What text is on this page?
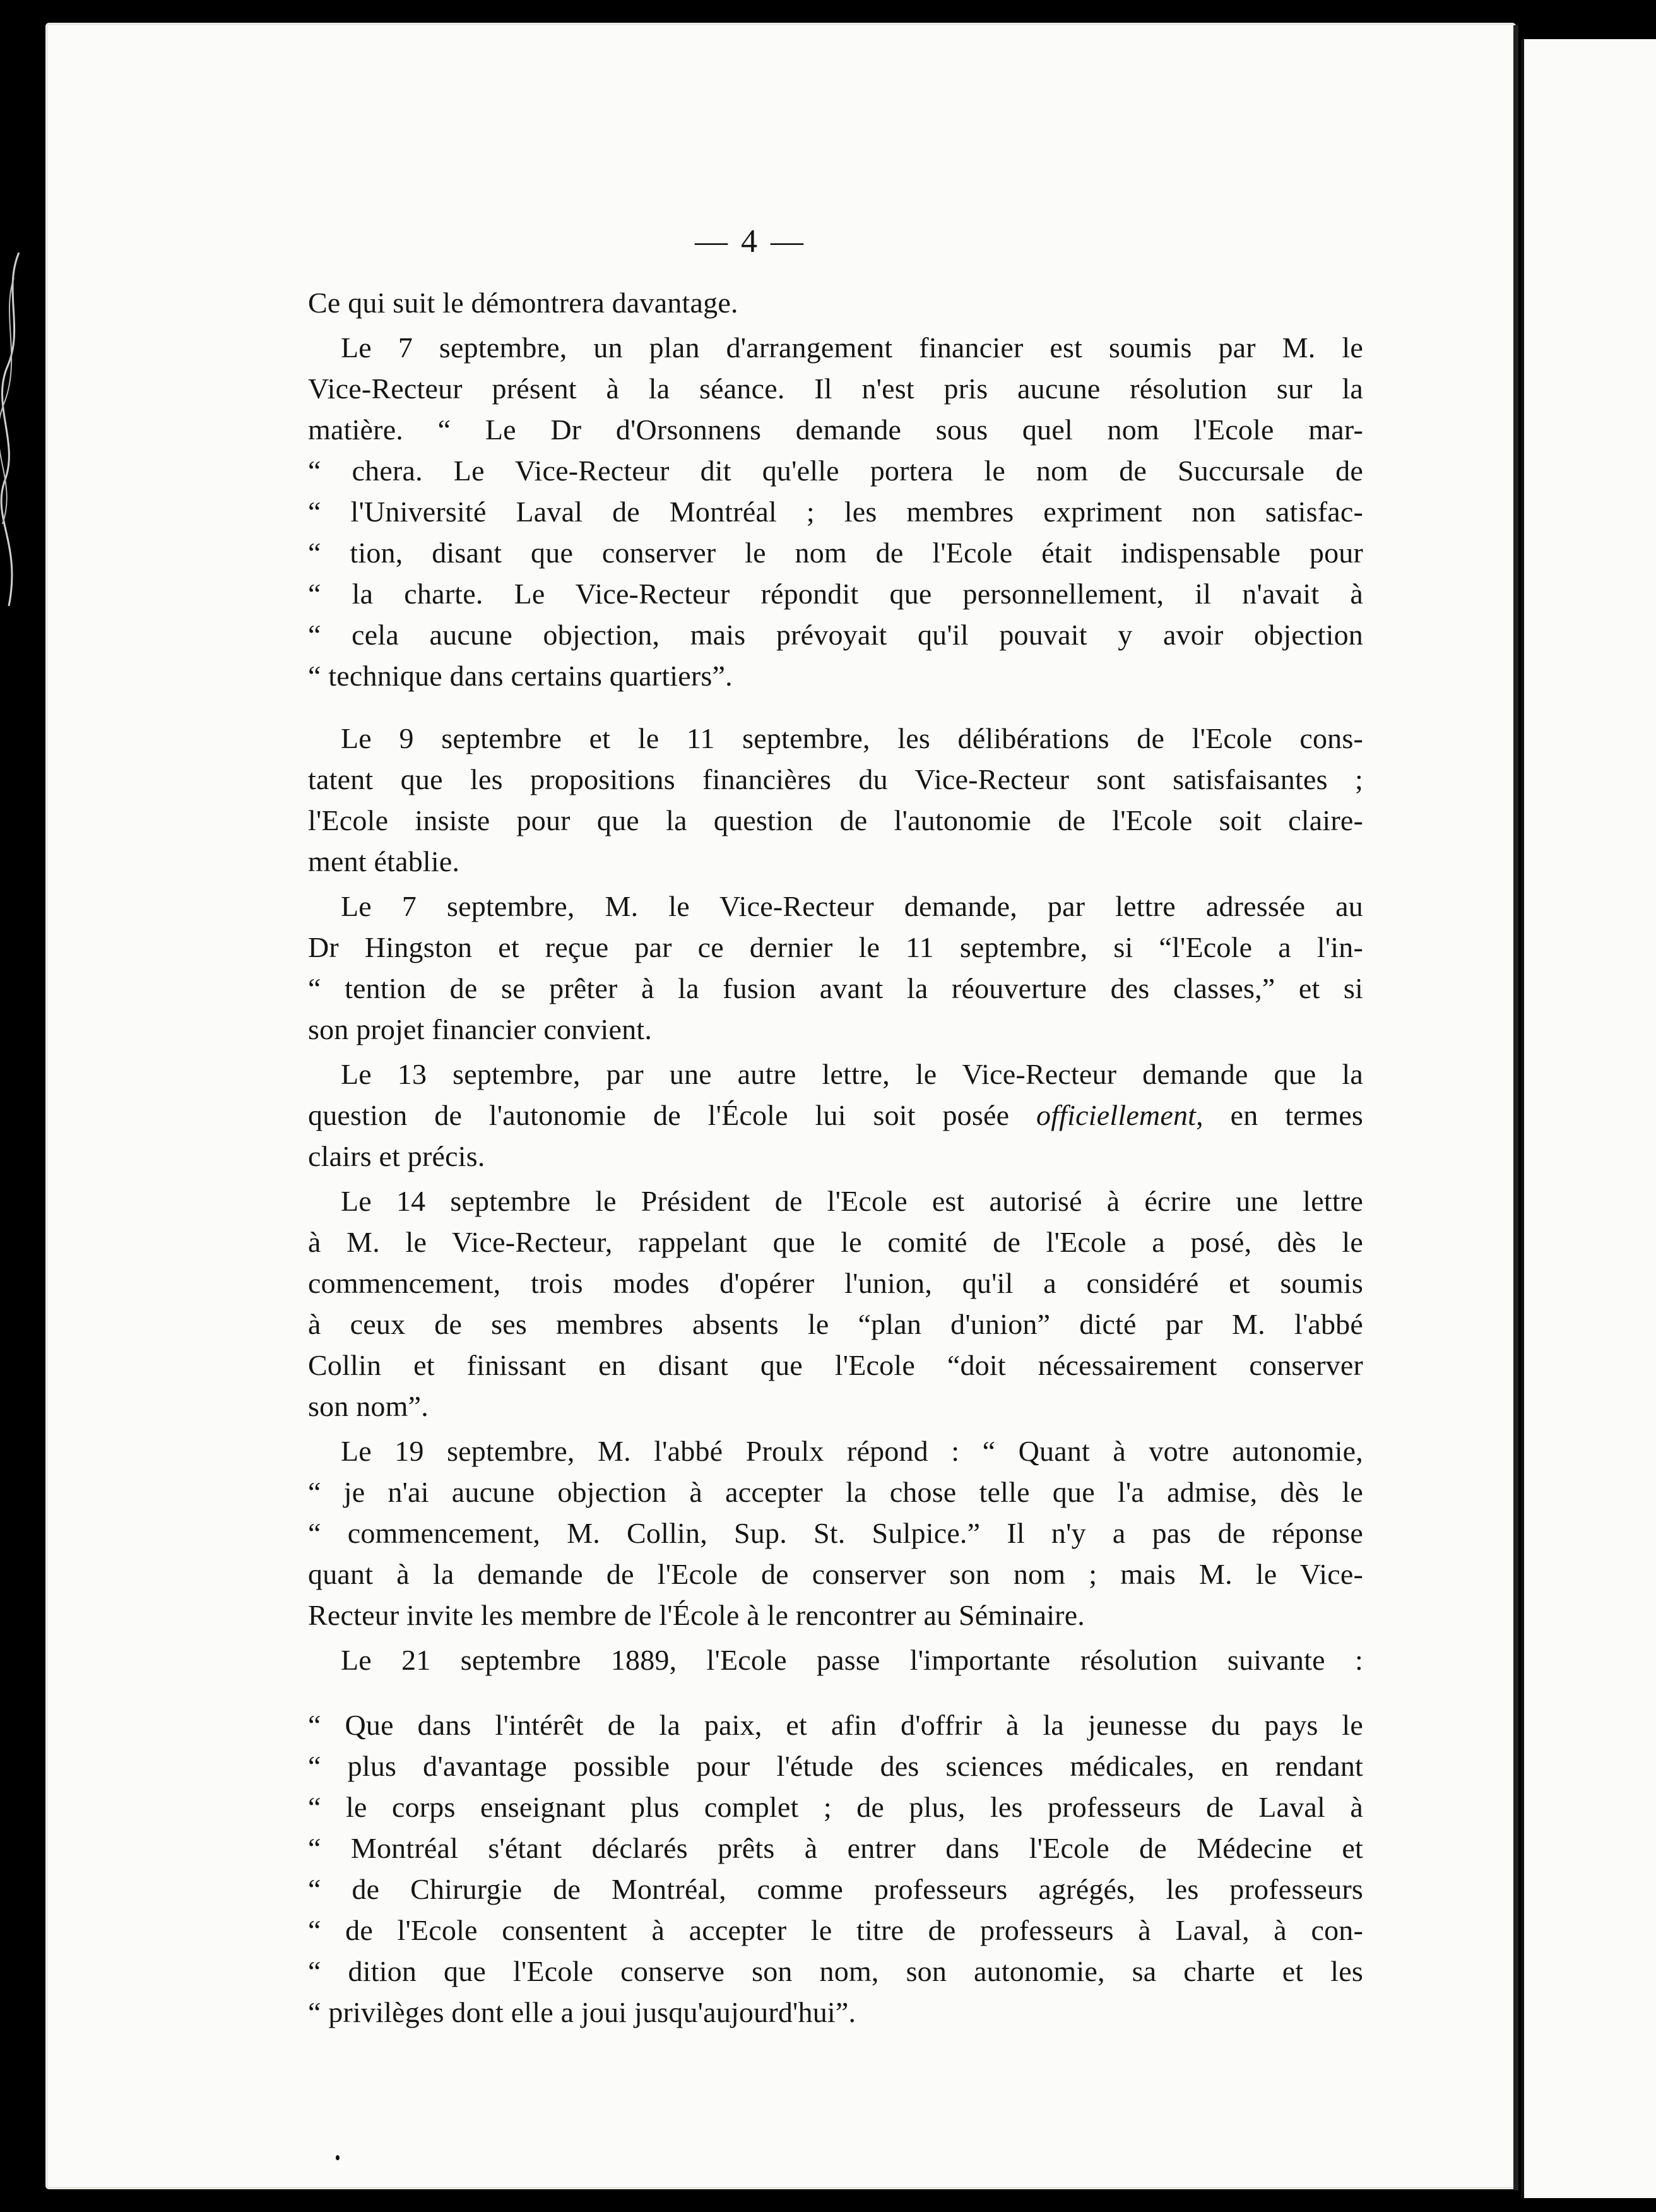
— 4 —
Ce qui suit le démontrera davantage.
Le 7 septembre, un plan d'arrangement financier est soumis par M. le
Vice-Recteur présent à la séance. Il n'est pris aucune résolution sur la
matière. “ Le Dr d'Orsonnens demande sous quel nom l'Ecole mar-
“ chera. Le Vice-Recteur dit qu'elle portera le nom de Succursale de
“ l'Université Laval de Montréal ; les membres expriment non satisfac-
“ tion, disant que conserver le nom de l'Ecole était indispensable pour
“ la charte. Le Vice-Recteur répondit que personnellement, il n'avait à
“ cela aucune objection, mais prévoyait qu'il pouvait y avoir objection
“ technique dans certains quartiers”.
Le 9 septembre et le 11 septembre, les délibérations de l'Ecole cons-
tatent que les propositions financières du Vice-Recteur sont satisfaisantes ;
l'Ecole insiste pour que la question de l'autonomie de l'Ecole soit claire-
ment établie.
Le 7 septembre, M. le Vice-Recteur demande, par lettre adressée au
Dr Hingston et reçue par ce dernier le 11 septembre, si “l'Ecole a l'in-
“ tention de se prêter à la fusion avant la réouverture des classes,” et si
son projet financier convient.
Le 13 septembre, par une autre lettre, le Vice-Recteur demande que la
question de l'autonomie de l'École lui soit posée officiellement, en termes
clairs et précis.
Le 14 septembre le Président de l'Ecole est autorisé à écrire une lettre
à M. le Vice-Recteur, rappelant que le comité de l'Ecole a posé, dès le
commencement, trois modes d'opérer l'union, qu'il a considéré et soumis
à ceux de ses membres absents le “plan d'union” dicté par M. l'abbé
Collin et finissant en disant que l'Ecole “doit nécessairement conserver
son nom”.
Le 19 septembre, M. l'abbé Proulx répond : “ Quant à votre autonomie,
“ je n'ai aucune objection à accepter la chose telle que l'a admise, dès le
“ commencement, M. Collin, Sup. St. Sulpice.” Il n'y a pas de réponse
quant à la demande de l'Ecole de conserver son nom ; mais M. le Vice-
Recteur invite les membre de l'École à le rencontrer au Séminaire.
Le 21 septembre 1889, l'Ecole passe l'importante résolution suivante :
“ Que dans l'intérêt de la paix, et afin d'offrir à la jeunesse du pays le
“ plus d'avantage possible pour l'étude des sciences médicales, en rendant
“ le corps enseignant plus complet ; de plus, les professeurs de Laval à
“ Montréal s'étant déclarés prêts à entrer dans l'Ecole de Médecine et
“ de Chirurgie de Montréal, comme professeurs agrégés, les professeurs
“ de l'Ecole consentent à accepter le titre de professeurs à Laval, à con-
“ dition que l'Ecole conserve son nom, son autonomie, sa charte et les
“ privilèges dont elle a joui jusqu'aujourd'hui”.
